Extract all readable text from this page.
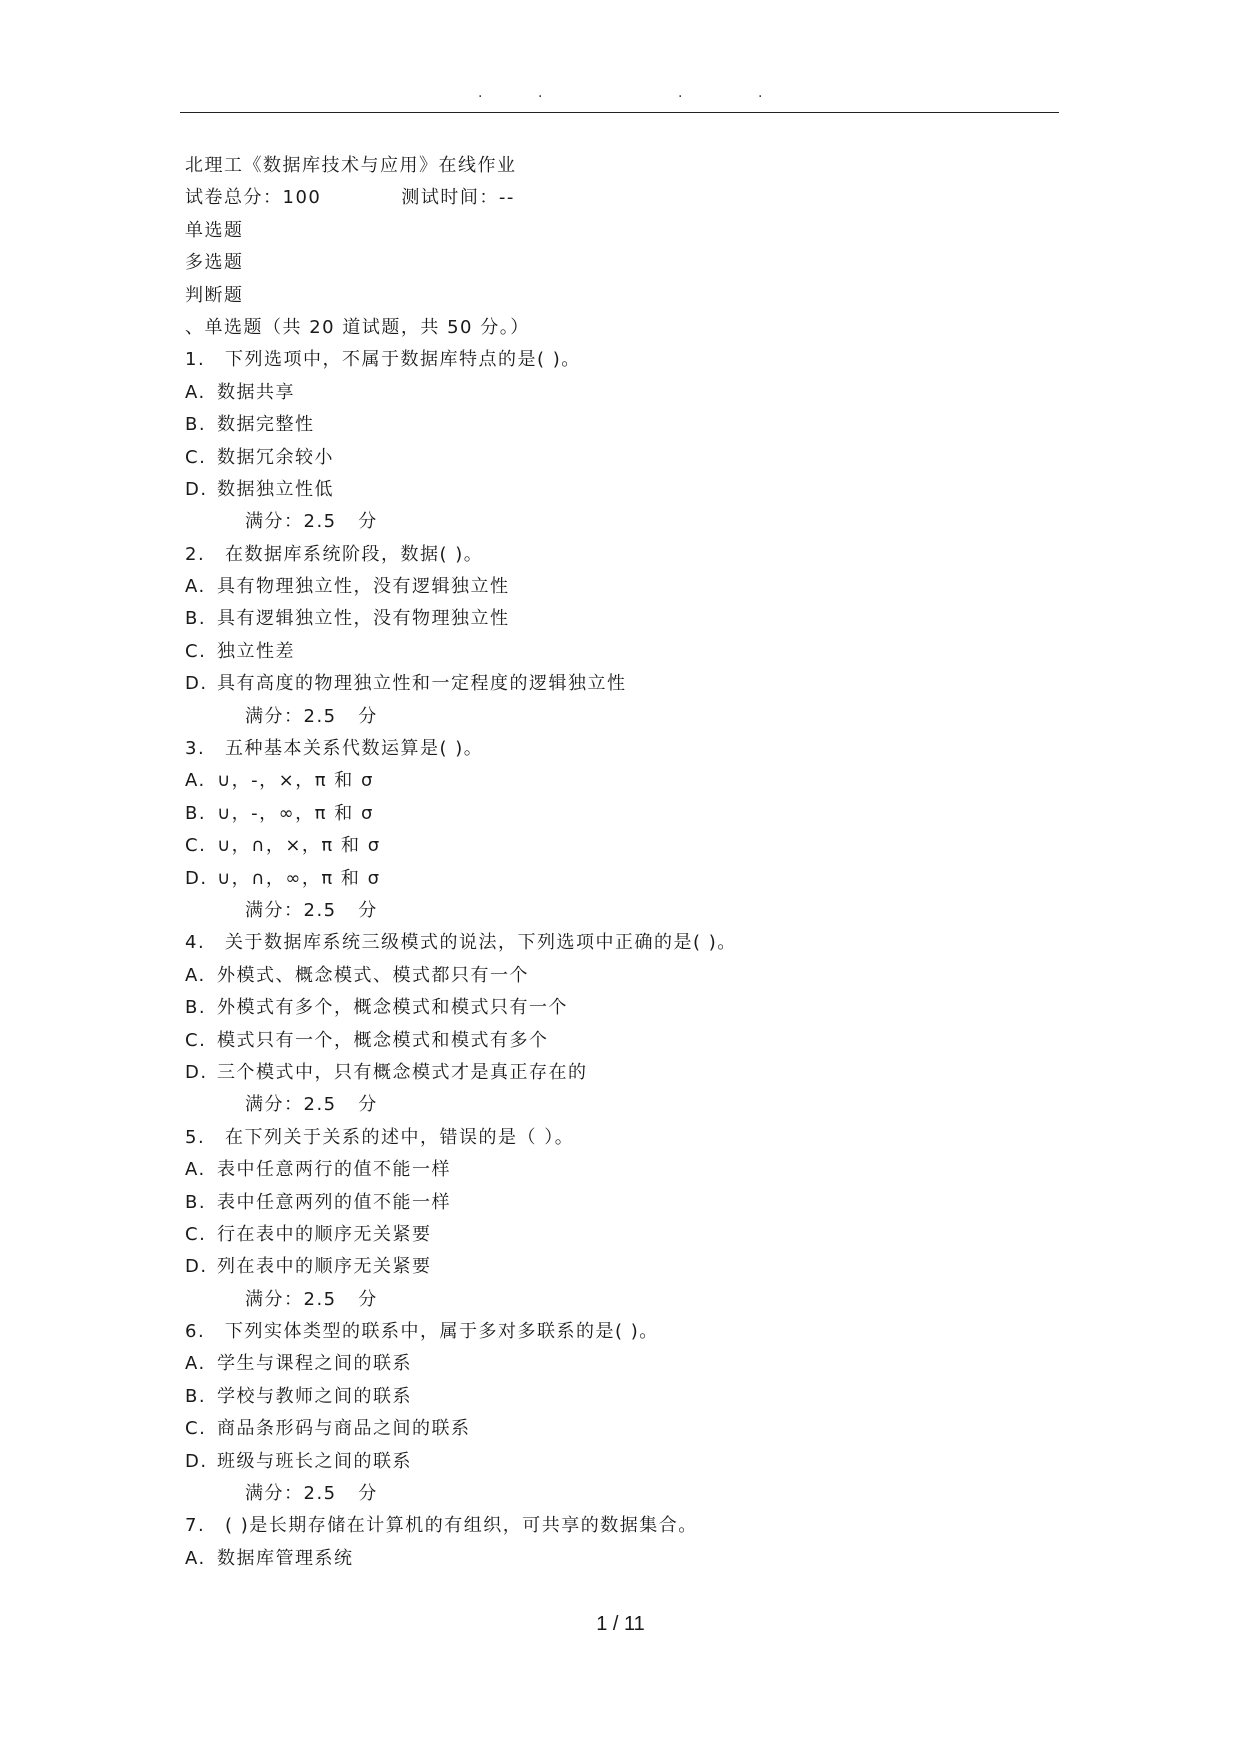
.	.	.	.
北理工《数据库技术与应用》在线作业
试卷总分：100	测试时间：--
单选题
多选题
判断题
、单选题（共 20 道试题，共 50 分。）
1. 下列选项中，不属于数据库特点的是( )。
A. 数据共享
B. 数据完整性
C. 数据冗余较小
D. 数据独立性低
满分：2.5   分
2. 在数据库系统阶段，数据( )。
A. 具有物理独立性，没有逻辑独立性
B. 具有逻辑独立性，没有物理独立性
C. 独立性差
D. 具有高度的物理独立性和一定程度的逻辑独立性
满分：2.5   分
3. 五种基本关系代数运算是( )。
A. ∪，-，×，π 和 σ
B. ∪，-，∞，π 和 σ
C. ∪，∩，×，π 和 σ
D. ∪，∩，∞，π 和 σ
满分：2.5   分
4. 关于数据库系统三级模式的说法，下列选项中正确的是( )。
A. 外模式、概念模式、模式都只有一个
B. 外模式有多个，概念模式和模式只有一个
C. 模式只有一个，概念模式和模式有多个
D. 三个模式中，只有概念模式才是真正存在的
满分：2.5   分
5. 在下列关于关系的述中，错误的是（ ）。
A. 表中任意两行的值不能一样
B. 表中任意两列的值不能一样
C. 行在表中的顺序无关紧要
D. 列在表中的顺序无关紧要
满分：2.5   分
6. 下列实体类型的联系中，属于多对多联系的是( )。
A. 学生与课程之间的联系
B. 学校与教师之间的联系
C. 商品条形码与商品之间的联系
D. 班级与班长之间的联系
满分：2.5   分
7. ( )是长期存储在计算机的有组织，可共享的数据集合。
A. 数据库管理系统
1 / 11
